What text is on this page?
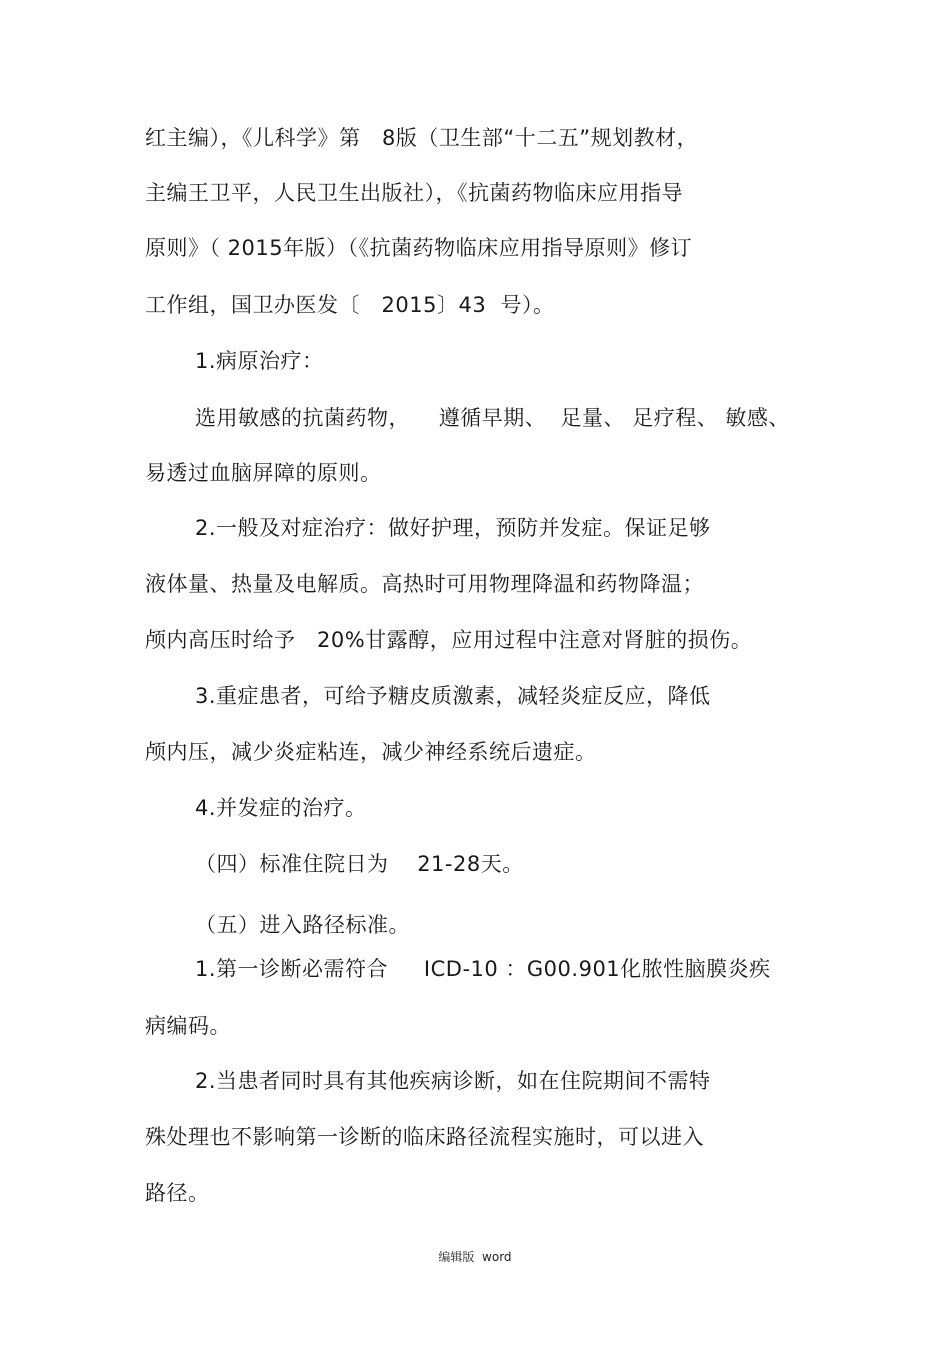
红主编），《儿科学》第   8版（卫生部“十二五”规划教材，
主编王卫平，人民卫生出版社），《抗菌药物临床应用指导
原则》（ 2015年版）（《抗菌药物临床应用指导原则》修订
工作组，国卫办医发〔   2015〕43  号）。
1.病原治疗：
选用敏感的抗菌药物，    遵循早期、  足量、 足疗程、 敏感、
易透过血脑屏障的原则。
2.一般及对症治疗：做好护理，预防并发症。保证足够
液体量、热量及电解质。高热时可用物理降温和药物降温；
颅内高压时给予   20%甘露醇，应用过程中注意对肾脏的损伤。
3.重症患者，可给予糖皮质激素，减轻炎症反应，降低
颅内压，减少炎症粘连，减少神经系统后遗症。
4.并发症的治疗。
（四）标准住院日为    21-28天。
（五）进入路径标准。
1.第一诊断必需符合     ICD-10 ：G00.901化脓性脑膜炎疾
病编码。
2.当患者同时具有其他疾病诊断，如在住院期间不需特
殊处理也不影响第一诊断的临床路径流程实施时，可以进入
路径。
编辑版  word
